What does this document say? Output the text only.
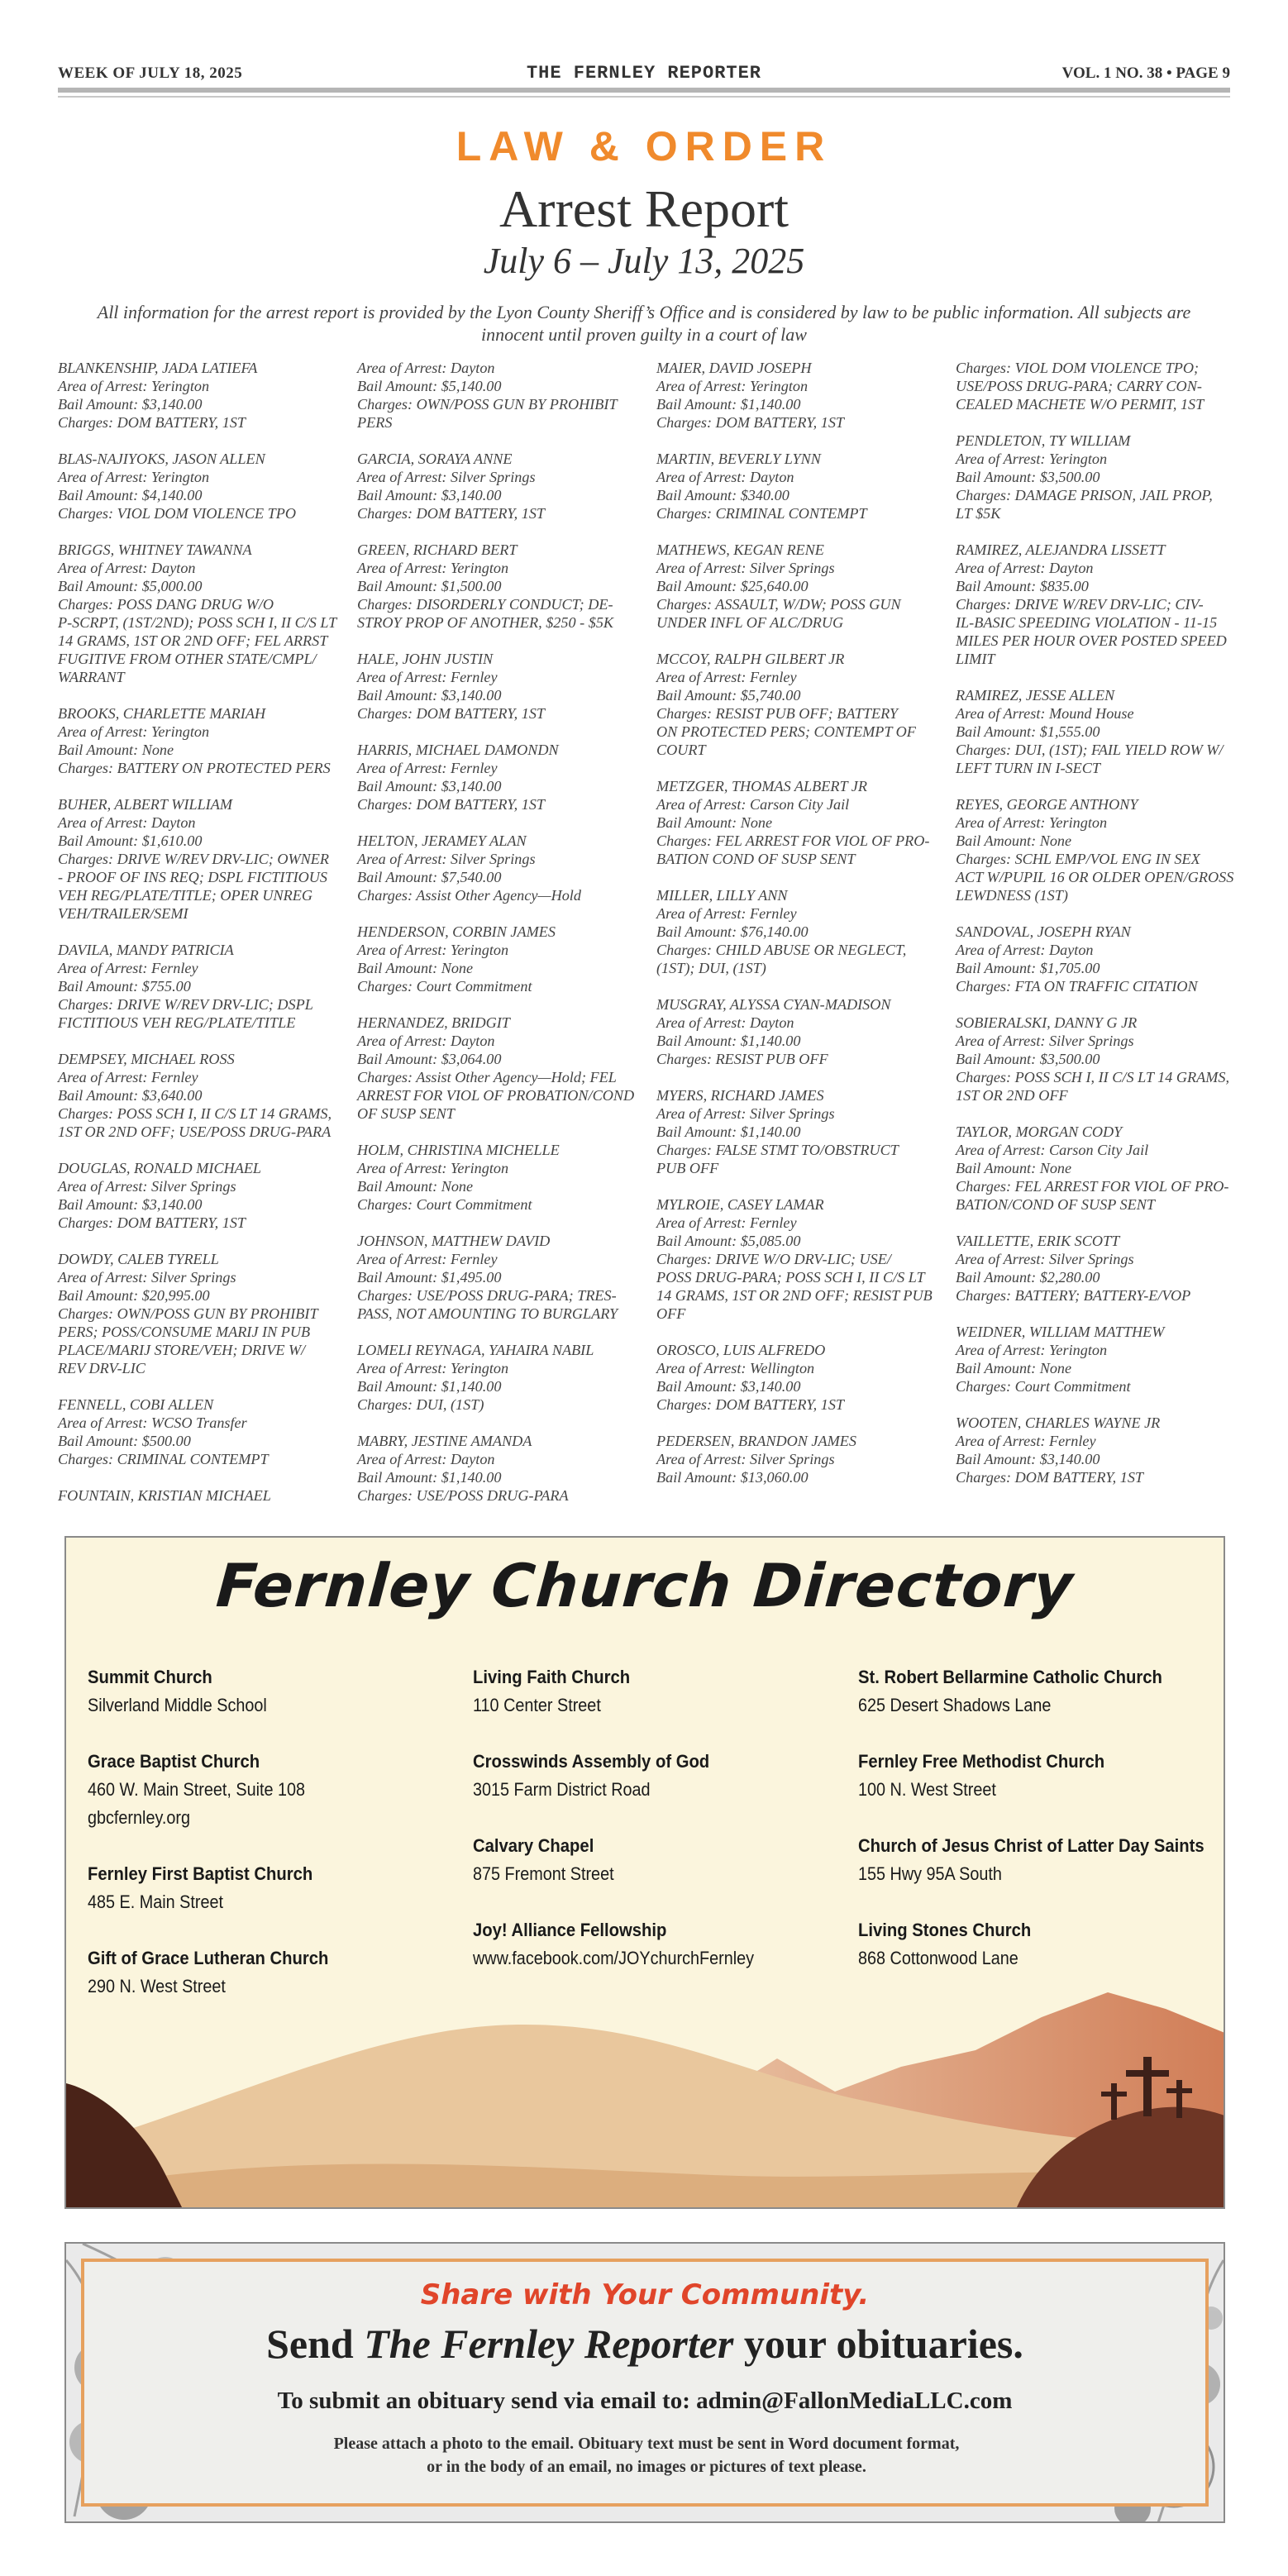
WEEK OF JULY 18, 2025	THE FERNLEY REPORTER	VOL. 1 NO. 38 • PAGE 9
LAW & ORDER
Arrest Report
July 6 – July 13, 2025
All information for the arrest report is provided by the Lyon County Sheriff’s Office and is considered by law to be public information. All subjects are innocent until proven guilty in a court of law
BLANKENSHIP, JADA LATIEFA
Area of Arrest: Yerington
Bail Amount: $3,140.00
Charges: DOM BATTERY, 1ST
BLAS-NAJIYOKS, JASON ALLEN
Area of Arrest: Yerington
Bail Amount: $4,140.00
Charges: VIOL DOM VIOLENCE TPO
BRIGGS, WHITNEY TAWANNA
Area of Arrest: Dayton
Bail Amount: $5,000.00
Charges: POSS DANG DRUG W/O
P-SCRPT, (1ST/2ND); POSS SCH I, II C/S LT
14 GRAMS, 1ST OR 2ND OFF; FEL ARRST
FUGITIVE FROM OTHER STATE/CMPL/
WARRANT
BROOKS, CHARLETTE MARIAH
Area of Arrest: Yerington
Bail Amount: None
Charges: BATTERY ON PROTECTED PERS
BUHER, ALBERT WILLIAM
Area of Arrest: Dayton
Bail Amount: $1,610.00
Charges: DRIVE W/REV DRV-LIC; OWNER
- PROOF OF INS REQ; DSPL FICTITIOUS
VEH REG/PLATE/TITLE; OPER UNREG
VEH/TRAILER/SEMI
DAVILA, MANDY PATRICIA
Area of Arrest: Fernley
Bail Amount: $755.00
Charges: DRIVE W/REV DRV-LIC; DSPL
FICTITIOUS VEH REG/PLATE/TITLE
DEMPSEY, MICHAEL ROSS
Area of Arrest: Fernley
Bail Amount: $3,640.00
Charges: POSS SCH I, II C/S LT 14 GRAMS,
1ST OR 2ND OFF; USE/POSS DRUG-PARA
DOUGLAS, RONALD MICHAEL
Area of Arrest: Silver Springs
Bail Amount: $3,140.00
Charges: DOM BATTERY, 1ST
DOWDY, CALEB TYRELL
Area of Arrest: Silver Springs
Bail Amount: $20,995.00
Charges: OWN/POSS GUN BY PROHIBIT
PERS; POSS/CONSUME MARIJ IN PUB
PLACE/MARIJ STORE/VEH; DRIVE W/
REV DRV-LIC
FENNELL, COBI ALLEN
Area of Arrest: WCSO Transfer
Bail Amount: $500.00
Charges: CRIMINAL CONTEMPT
FOUNTAIN, KRISTIAN MICHAEL
Area of Arrest: Dayton
Bail Amount: $5,140.00
Charges: OWN/POSS GUN BY PROHIBIT
PERS
GARCIA, SORAYA ANNE
Area of Arrest: Silver Springs
Bail Amount: $3,140.00
Charges: DOM BATTERY, 1ST
GREEN, RICHARD BERT
Area of Arrest: Yerington
Bail Amount: $1,500.00
Charges: DISORDERLY CONDUCT; DE-
STROY PROP OF ANOTHER, $250 - $5K
HALE, JOHN JUSTIN
Area of Arrest: Fernley
Bail Amount: $3,140.00
Charges: DOM BATTERY, 1ST
HARRIS, MICHAEL DAMONDN
Area of Arrest: Fernley
Bail Amount: $3,140.00
Charges: DOM BATTERY, 1ST
HELTON, JERAMEY ALAN
Area of Arrest: Silver Springs
Bail Amount: $7,540.00
Charges: Assist Other Agency—Hold
HENDERSON, CORBIN JAMES
Area of Arrest: Yerington
Bail Amount: None
Charges: Court Commitment
HERNANDEZ, BRIDGIT
Area of Arrest: Dayton
Bail Amount: $3,064.00
Charges: Assist Other Agency—Hold; FEL
ARREST FOR VIOL OF PROBATION/COND
OF SUSP SENT
HOLM, CHRISTINA MICHELLE
Area of Arrest: Yerington
Bail Amount: None
Charges: Court Commitment
JOHNSON, MATTHEW DAVID
Area of Arrest: Fernley
Bail Amount: $1,495.00
Charges: USE/POSS DRUG-PARA; TRES-
PASS, NOT AMOUNTING TO BURGLARY
LOMELI REYNAGA, YAHAIRA NABIL
Area of Arrest: Yerington
Bail Amount: $1,140.00
Charges: DUI, (1ST)
MABRY, JESTINE AMANDA
Area of Arrest: Dayton
Bail Amount: $1,140.00
Charges: USE/POSS DRUG-PARA
MAIER, DAVID JOSEPH
Area of Arrest: Yerington
Bail Amount: $1,140.00
Charges: DOM BATTERY, 1ST
MARTIN, BEVERLY LYNN
Area of Arrest: Dayton
Bail Amount: $340.00
Charges: CRIMINAL CONTEMPT
MATHEWS, KEGAN RENE
Area of Arrest: Silver Springs
Bail Amount: $25,640.00
Charges: ASSAULT, W/DW; POSS GUN
UNDER INFL OF ALC/DRUG
MCCOY, RALPH GILBERT JR
Area of Arrest: Fernley
Bail Amount: $5,740.00
Charges: RESIST PUB OFF; BATTERY
ON PROTECTED PERS; CONTEMPT OF
COURT
METZGER, THOMAS ALBERT JR
Area of Arrest: Carson City Jail
Bail Amount: None
Charges: FEL ARREST FOR VIOL OF PRO-
BATION COND OF SUSP SENT
MILLER, LILLY ANN
Area of Arrest: Fernley
Bail Amount: $76,140.00
Charges: CHILD ABUSE OR NEGLECT,
(1ST); DUI, (1ST)
MUSGRAY, ALYSSA CYAN-MADISON
Area of Arrest: Dayton
Bail Amount: $1,140.00
Charges: RESIST PUB OFF
MYERS, RICHARD JAMES
Area of Arrest: Silver Springs
Bail Amount: $1,140.00
Charges: FALSE STMT TO/OBSTRUCT
PUB OFF
MYLROIE, CASEY LAMAR
Area of Arrest: Fernley
Bail Amount: $5,085.00
Charges: DRIVE W/O DRV-LIC; USE/
POSS DRUG-PARA; POSS SCH I, II C/S LT
14 GRAMS, 1ST OR 2ND OFF; RESIST PUB
OFF
OROSCO, LUIS ALFREDO
Area of Arrest: Wellington
Bail Amount: $3,140.00
Charges: DOM BATTERY, 1ST
PEDERSEN, BRANDON JAMES
Area of Arrest: Silver Springs
Bail Amount: $13,060.00
Charges: VIOL DOM VIOLENCE TPO;
USE/POSS DRUG-PARA; CARRY CON-
CEALED MACHETE W/O PERMIT, 1ST
PENDLETON, TY WILLIAM
Area of Arrest: Yerington
Bail Amount: $3,500.00
Charges: DAMAGE PRISON, JAIL PROP,
LT $5K
RAMIREZ, ALEJANDRA LISSETT
Area of Arrest: Dayton
Bail Amount: $835.00
Charges: DRIVE W/REV DRV-LIC; CIV-
IL-BASIC SPEEDING VIOLATION - 11-15
MILES PER HOUR OVER POSTED SPEED
LIMIT
RAMIREZ, JESSE ALLEN
Area of Arrest: Mound House
Bail Amount: $1,555.00
Charges: DUI, (1ST); FAIL YIELD ROW W/
LEFT TURN IN I-SECT
REYES, GEORGE ANTHONY
Area of Arrest: Yerington
Bail Amount: None
Charges: SCHL EMP/VOL ENG IN SEX
ACT W/PUPIL 16 OR OLDER OPEN/GROSS
LEWDNESS (1ST)
SANDOVAL, JOSEPH RYAN
Area of Arrest: Dayton
Bail Amount: $1,705.00
Charges: FTA ON TRAFFIC CITATION
SOBIERALSKI, DANNY G JR
Area of Arrest: Silver Springs
Bail Amount: $3,500.00
Charges: POSS SCH I, II C/S LT 14 GRAMS,
1ST OR 2ND OFF
TAYLOR, MORGAN CODY
Area of Arrest: Carson City Jail
Bail Amount: None
Charges: FEL ARREST FOR VIOL OF PRO-
BATION/COND OF SUSP SENT
VAILLETTE, ERIK SCOTT
Area of Arrest: Silver Springs
Bail Amount: $2,280.00
Charges: BATTERY; BATTERY-E/VOP
WEIDNER, WILLIAM MATTHEW
Area of Arrest: Yerington
Bail Amount: None
Charges: Court Commitment
WOOTEN, CHARLES WAYNE JR
Area of Arrest: Fernley
Bail Amount: $3,140.00
Charges: DOM BATTERY, 1ST
Fernley Church Directory
Summit Church
Silverland Middle School
Grace Baptist Church
460 W. Main Street, Suite 108
gbcfernley.org
Fernley First Baptist Church
485 E. Main Street
Gift of Grace Lutheran Church
290 N. West Street
Living Faith Church
110 Center Street
Crosswinds Assembly of God
3015 Farm District Road
Calvary Chapel
875 Fremont Street
Joy! Alliance Fellowship
www.facebook.com/JOYchurchFernley
St. Robert Bellarmine Catholic Church
625 Desert Shadows Lane
Fernley Free Methodist Church
100 N. West Street
Church of Jesus Christ of Latter Day Saints
155 Hwy 95A South
Living Stones Church
868 Cottonwood Lane
Share with Your Community.
Send The Fernley Reporter your obituaries.
To submit an obituary send via email to: admin@FallonMediaLLC.com
Please attach a photo to the email. Obituary text must be sent in Word document format,
or in the body of an email, no images or pictures of text please.
